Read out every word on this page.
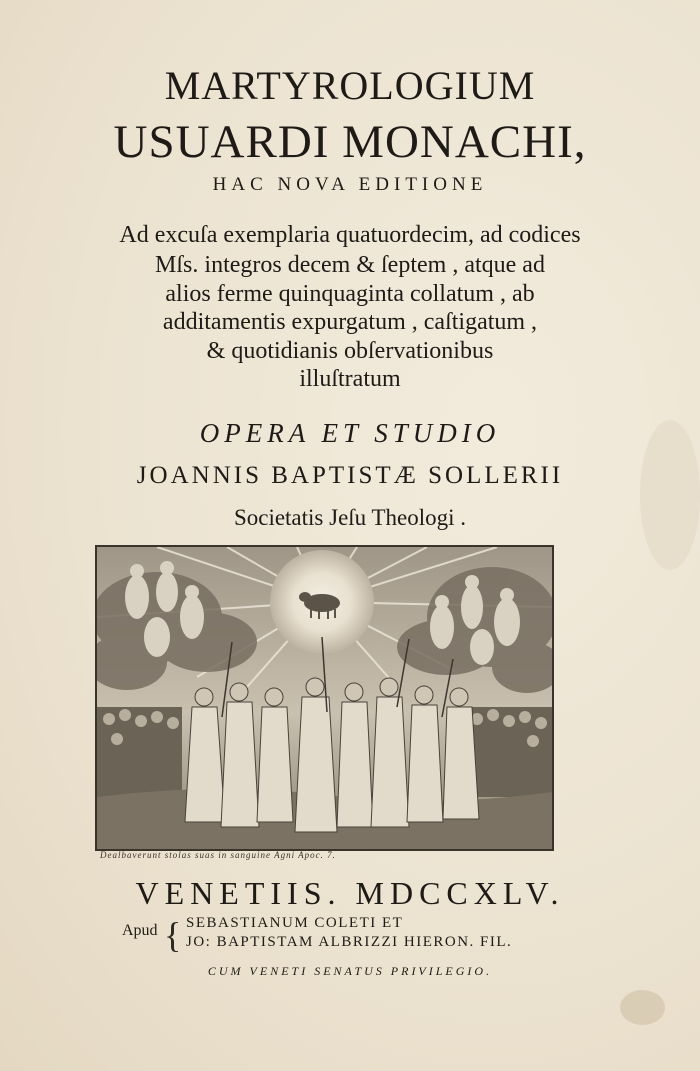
MARTYROLOGIUM
USUARDI MONACHI,
HAC NOVA EDITIONE
Ad excuſa exemplaria quatuordecim, ad codices
Mſs. integros decem & ſeptem , atque ad
alios ferme quinquaginta collatum , ab
additamentis expurgatum , caſtigatum ,
& quotidianis obſervationibus
illuſtratum
OPERA ET STUDIO
JOANNIS BAPTISTÆ SOLLERII
Societatis Jeſu Theologi .
Dealbaverunt stolas suas in sanguine Agni Apoc. 7.
VENETIIS. MDCCXLV.
Apud { SEBASTIANUM COLETI ET
JO: BAPTISTAM ALBRIZZI HIERON. FIL.
CUM VENETI SENATUS PRIVILEGIO.
